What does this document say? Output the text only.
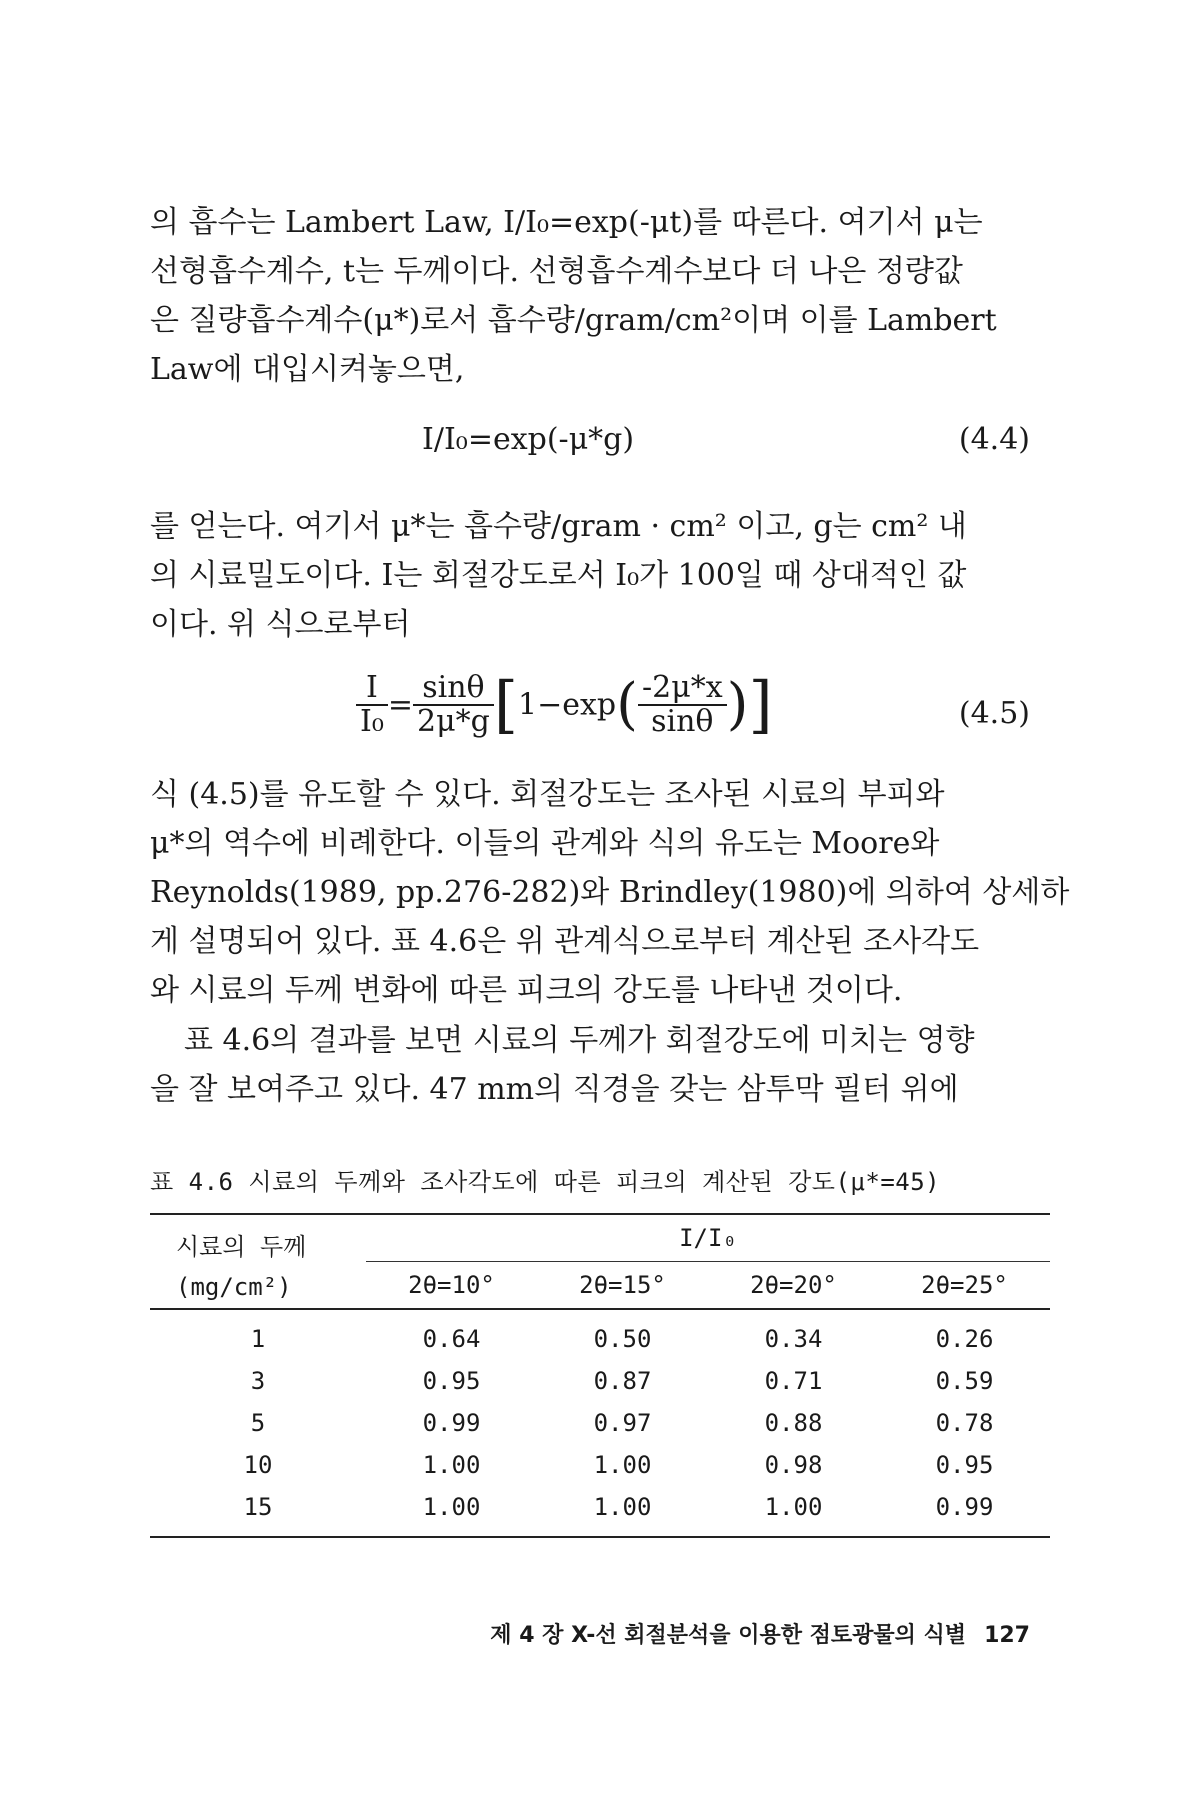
의 흡수는 Lambert Law, I/I₀=exp(-μt)를 따른다. 여기서 μ는
선형흡수계수, t는 두께이다. 선형흡수계수보다 더 나은 정량값
은 질량흡수계수(μ*)로서 흡수량/gram/cm²이며 이를 Lambert
Law에 대입시켜놓으면,
I/I₀=exp(-μ*g)	(4.4)
를 얻는다. 여기서 μ*는 흡수량/gram · cm² 이고, g는 cm² 내
의 시료밀도이다. I는 회절강도로서 I₀가 100일 때 상대적인 값
이다. 위 식으로부터
$\frac{I}{\text{I₀}} = \frac{\sin\theta}{2\mu*g} [1-\exp( \frac{-2\mu*x}{\sin\theta}$ )]	(4.5)
식 (4.5)를 유도할 수 있다. 회절강도는 조사된 시료의 부피와
μ*의 역수에 비례한다. 이들의 관계와 식의 유도는 Moore와
Reynolds(1989, pp.276-282)와 Brindley(1980)에 의하여 상세하
게 설명되어 있다. 표 4.6은 위 관계식으로부터 계산된 조사각도
와 시료의 두께 변화에 따른 피크의 강도를 나타낸 것이다.
표 4.6의 결과를 보면 시료의 두께가 회절강도에 미치는 영향
을 잘 보여주고 있다. 47 mm의 직경을 갖는 삼투막 필터 위에
표 4.6 시료의 두께와 조사각도에 따른 피크의 계산된 강도(μ*=45)
시료의 두께
(mg/cm²)	I/I₀			
	2θ=10°	2θ=15°	2θ=20°	2θ=25°
1	0.64	0.50	0.34	0.26
3	0.95	0.87	0.71	0.59
5	0.99	0.97	0.88	0.78
10	1.00	1.00	0.98	0.95
15	1.00	1.00	1.00	0.99
제 4 장 X-선 회절분석을 이용한 점토광물의 식별 127
